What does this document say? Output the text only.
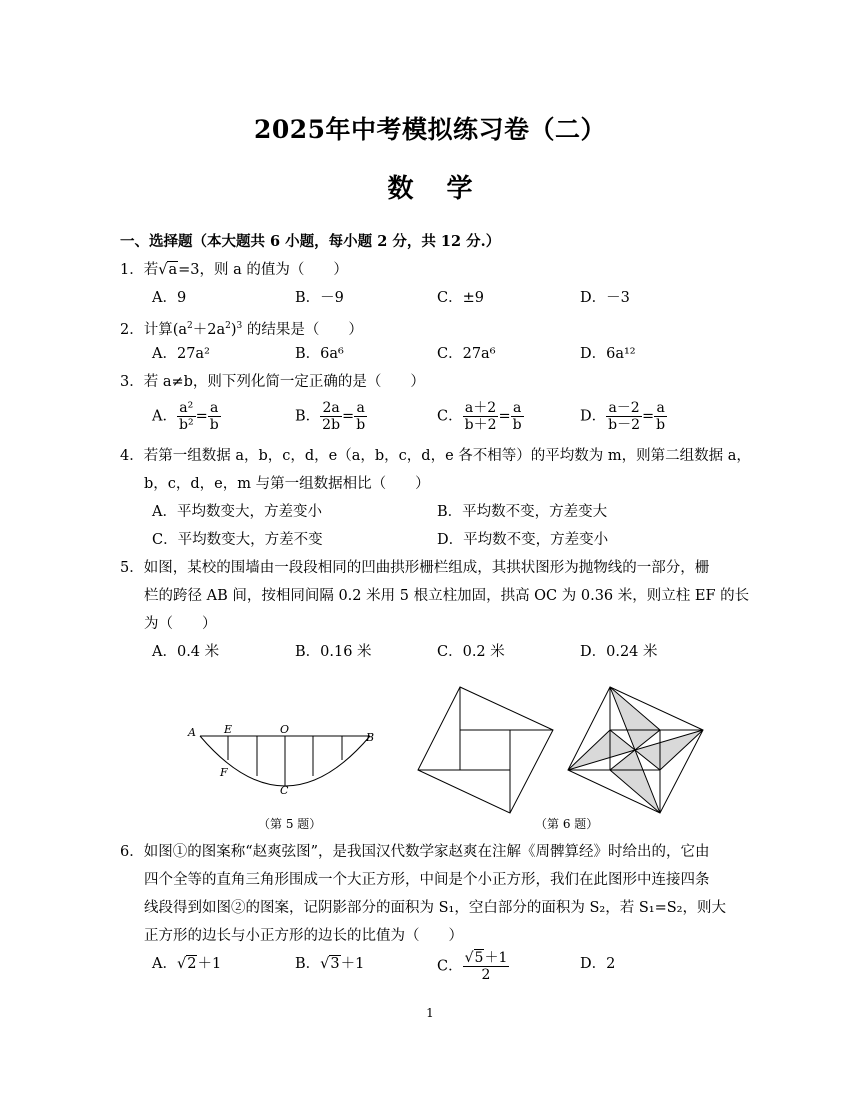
2025年中考模拟练习卷（二）
数 学
一、选择题（本大题共 6 小题，每小题 2 分，共 12 分.）
1．若√a=3，则 a 的值为（　　）
A．9	B．－9	C．±9	D．－3
2．计算$(a^2+2a^2)^3$ 的结果是（　　）
A．27a²	B．6a⁶	C．27a⁶	D．6a¹²
3．若 a≠b，则下列化简一定正确的是（　　）
A． $\frac{\text{a²}}{\text{b²}} = \frac{a}{b}$	B． $\frac{2a}{2b} = \frac{a}{b}$	C． $\frac{a+2}{b+2} = \frac{a}{b}$	D． $\frac{a-2}{b-2} = \frac{a}{b}$
4．若第一组数据 a，b，c，d，e（a，b，c，d，e 各不相等）的平均数为 m，则第二组数据 a，
b，c，d，e，m 与第一组数据相比（　　）
A．平均数变大，方差变小	B．平均数不变，方差变大
C．平均数变大，方差不变	D．平均数不变，方差变小
5．如图，某校的围墙由一段段相同的凹曲拱形栅栏组成，其拱状图形为抛物线的一部分，栅
栏的跨径 AB 间，按相同间隔 0.2 米用 5 根立柱加固，拱高 OC 为 0.36 米，则立柱 EF 的长
为（　　）
A．0.4 米	B．0.16 米	C．0.2 米	D．0.24 米
A	E	O
B
F
C
（第 5 题）	（第 6 题）
6．如图①的图案称“赵爽弦图”，是我国汉代数学家赵爽在注解《周髀算经》时给出的，它由
四个全等的直角三角形围成一个大正方形，中间是个小正方形，我们在此图形中连接四条
线段得到如图②的图案，记阴影部分的面积为 S₁，空白部分的面积为 S₂，若 S₁=S₂，则大
正方形的边长与小正方形的边长的比值为（　　）
A．√2＋1	B．√3＋1	C． $\frac{√5+1}{2}$	D．2
1
